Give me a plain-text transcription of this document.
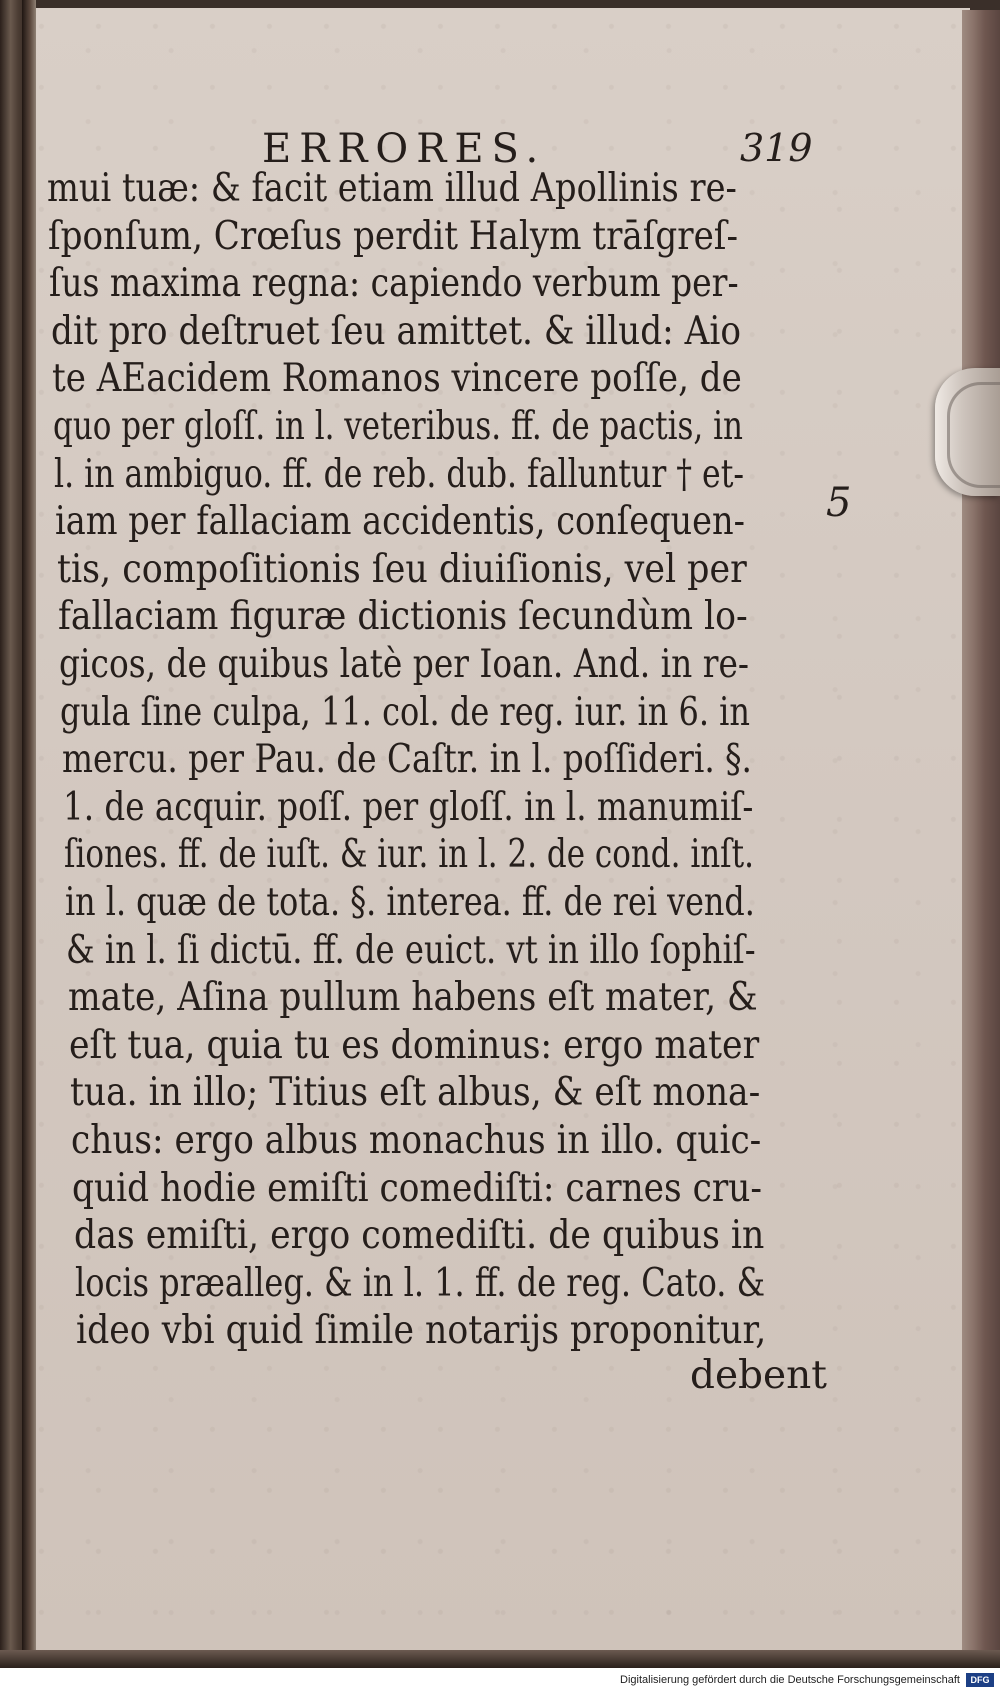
ERRORES.	319
mui tuæ: & facit etiam illud Apollinis re-
ſponſum, Crœſus perdit Halym trāſgreſ-
ſus maxima regna: capiendo verbum per-
dit pro deſtruet ſeu amittet. & illud: Aio
te AEacidem Romanos vincere poſſe, de
quo per gloſſ. in l. veteribus. ff. de pactis, in
l. in ambiguo. ff. de reb. dub. falluntur † et-
iam per fallaciam accidentis, conſequen-
tis, compoſitionis ſeu diuiſionis, vel per
fallaciam figuræ dictionis ſecundùm lo-
gicos, de quibus latè per Ioan. And. in re-
gula ſine culpa, 11. col. de reg. iur. in 6. in
mercu. per Pau. de Caſtr. in l. poſſideri. §.
1. de acquir. poſſ. per gloſſ. in l. manumiſ-
ſiones. ff. de iuſt. & iur. in l. 2. de cond. inſt.
in l. quæ de tota. §. interea. ff. de rei vend.
& in l. ſi dictū. ff. de euict. vt in illo ſophiſ-
mate, Aſina pullum habens eſt mater, &
eſt tua, quia tu es dominus: ergo mater
tua. in illo; Titius eſt albus, & eſt mona-
chus: ergo albus monachus in illo. quic-
quid hodie emiſti comediſti: carnes cru-
das emiſti, ergo comediſti. de quibus in
locis præalleg. & in l. 1. ff. de reg. Cato. &
ideo vbi quid ſimile notarijs proponitur,
5
debent
Digitalisierung gefördert durch die Deutsche Forschungsgemeinschaft	DFG
